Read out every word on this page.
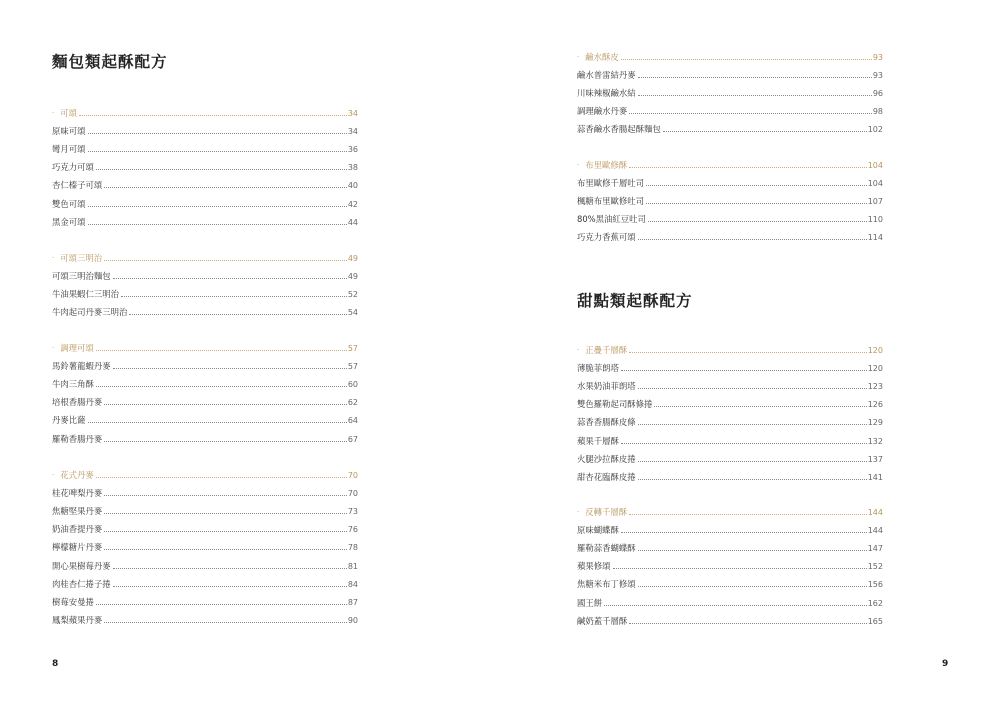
麵包類起酥配方
· 可頌	34
原味可頌	34
彎月可頌	36
巧克力可頌	38
杏仁榛子可頌	40
雙色可頌	42
黑金可頌	44
· 可頌三明治	49
可頌三明治麵包	49
牛油果蝦仁三明治	52
牛肉起司丹麥三明治	54
· 調理可頌	57
馬鈴薯龍蝦丹麥	57
牛肉三角酥	60
培根香腸丹麥	62
丹麥比薩	64
羅勒香腸丹麥	67
· 花式丹麥	70
桂花啤梨丹麥	70
焦糖堅果丹麥	73
奶油香提丹麥	76
檸檬糖片丹麥	78
開心果樹莓丹麥	81
肉桂杏仁捲子捲	84
樹莓安曼捲	87
鳳梨蘋果丹麥	90
8
· 鹼水酥皮	93
鹼水普雷結丹麥	93
川味辣椒鹼水結	96
調理鹼水丹麥	98
蒜香鹼水香腸起酥麵包	102
· 布里歐修酥	104
布里歐修千層吐司	104
楓糖布里歐修吐司	107
80%黑油紅豆吐司	110
巧克力香蕉可頌	114
甜點類起酥配方
· 正疊千層酥	120
薄脆菲朗塔	120
水果奶油菲朗塔	123
雙色羅勒起司酥條捲	126
蒜香香腸酥皮條	129
蘋果千層酥	132
火腿沙拉酥皮捲	137
甜杏花臨酥皮捲	141
· 反轉千層酥	144
原味蝴蝶酥	144
羅勒蒜香蝴蝶酥	147
蘋果修頌	152
焦糖米布丁修頌	156
國王餅	162
鹹奶蓋千層酥	165
9
